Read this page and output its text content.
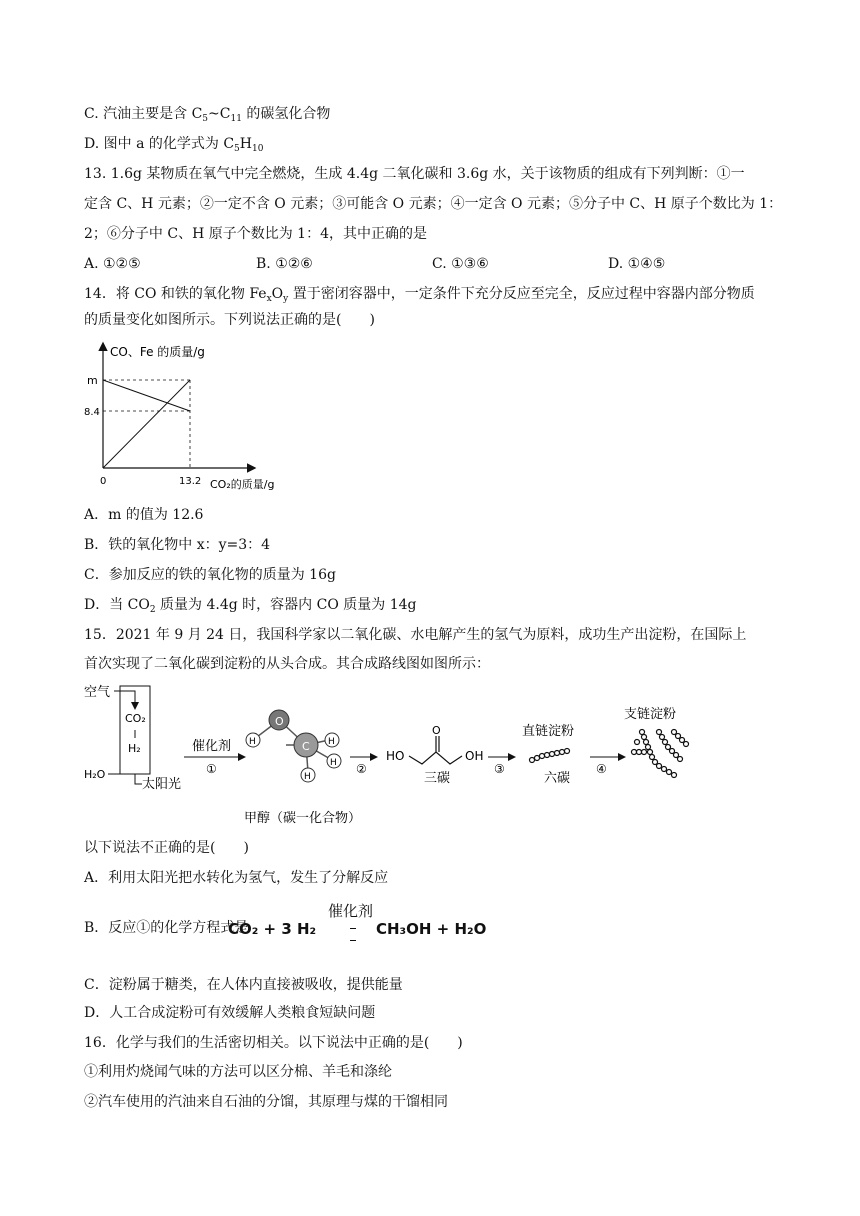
C. 汽油主要是含 $C_5\sim C_{11}$ 的碳氢化合物
D. 图中 a 的化学式为 $C_5H_{10}$
13. 1.6g 某物质在氧气中完全燃烧，生成 4.4g 二氧化碳和 3.6g 水，关于该物质的组成有下列判断：①一
定含 C、H 元素；②一定不含 O 元素；③可能含 O 元素；④一定含 O 元素；⑤分子中 C、H 原子个数比为 1：
2；⑥分子中 C、H 原子个数比为 1：4，其中正确的是
A. ①②⑤	B. ①②⑥	C. ①③⑥	D. ①④⑤
14．将 CO 和铁的氧化物 $Fe_xO_y$ 置于密闭容器中，一定条件下充分反应至完全，反应过程中容器内部分物质
的质量变化如图所示。下列说法正确的是(　　)
CO、Fe 的质量/g
m
8.4
0	13.2 CO₂的质量/g
A．m 的值为 12.6
B．铁的氧化物中 x：y=3：4
C．参加反应的铁的氧化物的质量为 16g
D．当 $CO_2$ 质量为 4.4g 时，容器内 CO 质量为 14g
15．2021 年 9 月 24 日，我国科学家以二氧化碳、水电解产生的氢气为原料，成功生产出淀粉，在国际上
首次实现了二氧化碳到淀粉的从头合成。其合成路线图如图所示：
空气
CO₂
H₂
H₂O
太阳光
催化剂
①
O
H	C H
H
H
甲醇（碳一化合物）
②
HO
O
OH
三碳
③
直链淀粉
六碳
④
支链淀粉
以下说法不正确的是(　　)
A．利用太阳光把水转化为氢气，发生了分解反应
B．反应①的化学方程式是
催化剂
CO₂ + 3 H₂	CH₃OH + H₂O
C．淀粉属于糖类，在人体内直接被吸收，提供能量
D．人工合成淀粉可有效缓解人类粮食短缺问题
16．化学与我们的生活密切相关。以下说法中正确的是(　　)
①利用灼烧闻气味的方法可以区分棉、羊毛和涤纶
②汽车使用的汽油来自石油的分馏，其原理与煤的干馏相同
